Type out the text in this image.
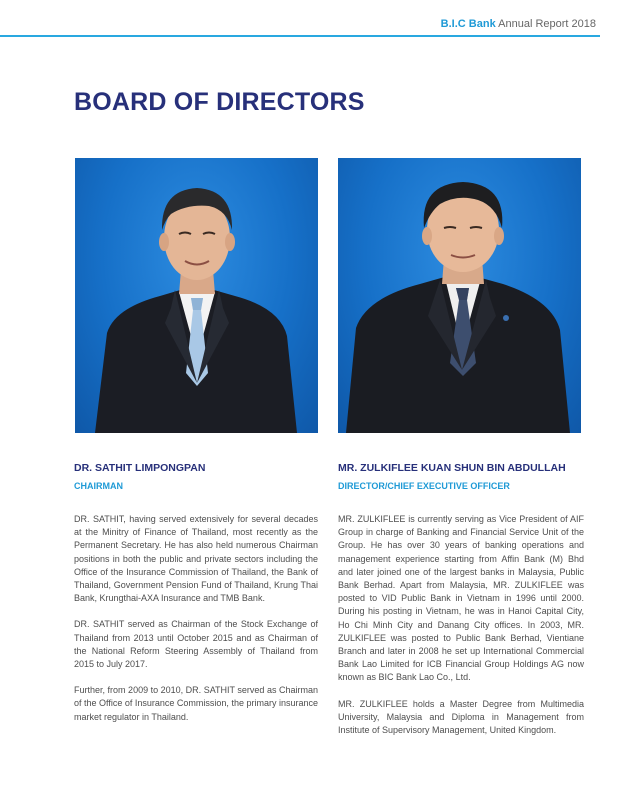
B.I.C Bank Annual Report 2018
BOARD OF DIRECTORS
DR. SATHIT LIMPONGPAN
CHAIRMAN

DR. SATHIT, having served extensively for several decades at the Minitry of Finance of Thailand, most recently as the Permanent Secretary. He has also held numerous Chairman positions in both the public and private sectors including the Office of the Insurance Commission of Thailand, the Bank of Thailand, Government Pension Fund of Thailand, Krung Thai Bank, Krungthai-AXA Insurance and TMB Bank.

DR. SATHIT served as Chairman of the Stock Exchange of Thailand from 2013 until October 2015 and as Chairman of the National Reform Steering Assembly of Thailand from 2015 to July 2017.

Further, from 2009 to 2010, DR. SATHIT served as Chairman of the Office of Insurance Commission, the primary insurance market regulator in Thailand.

MR. ZULKIFLEE KUAN SHUN BIN ABDULLAH
DIRECTOR/CHIEF EXECUTIVE OFFICER

MR. ZULKIFLEE is currently serving as Vice President of AIF Group in charge of Banking and Financial Service Unit of the Group. He has over 30 years of banking operations and management experience starting from Affin Bank (M) Bhd and later joined one of the largest banks in Malaysia, Public Bank Berhad. Apart from Malaysia, MR. ZULKIFLEE was posted to VID Public Bank in Vietnam in 1996 until 2000. During his posting in Vietnam, he was in Hanoi Capital City, Ho Chi Minh City and Danang City offices. In 2003, MR. ZULKIFLEE was posted to Public Bank Berhad, Vientiane Branch and later in 2008 he set up International Commercial Bank Lao Limited for ICB Financial Group Holdings AG now known as BIC Bank Lao Co., Ltd.

MR. ZULKIFLEE holds a Master Degree from Multimedia University, Malaysia and Diploma in Management from Institute of Supervisory Management, United Kingdom.
